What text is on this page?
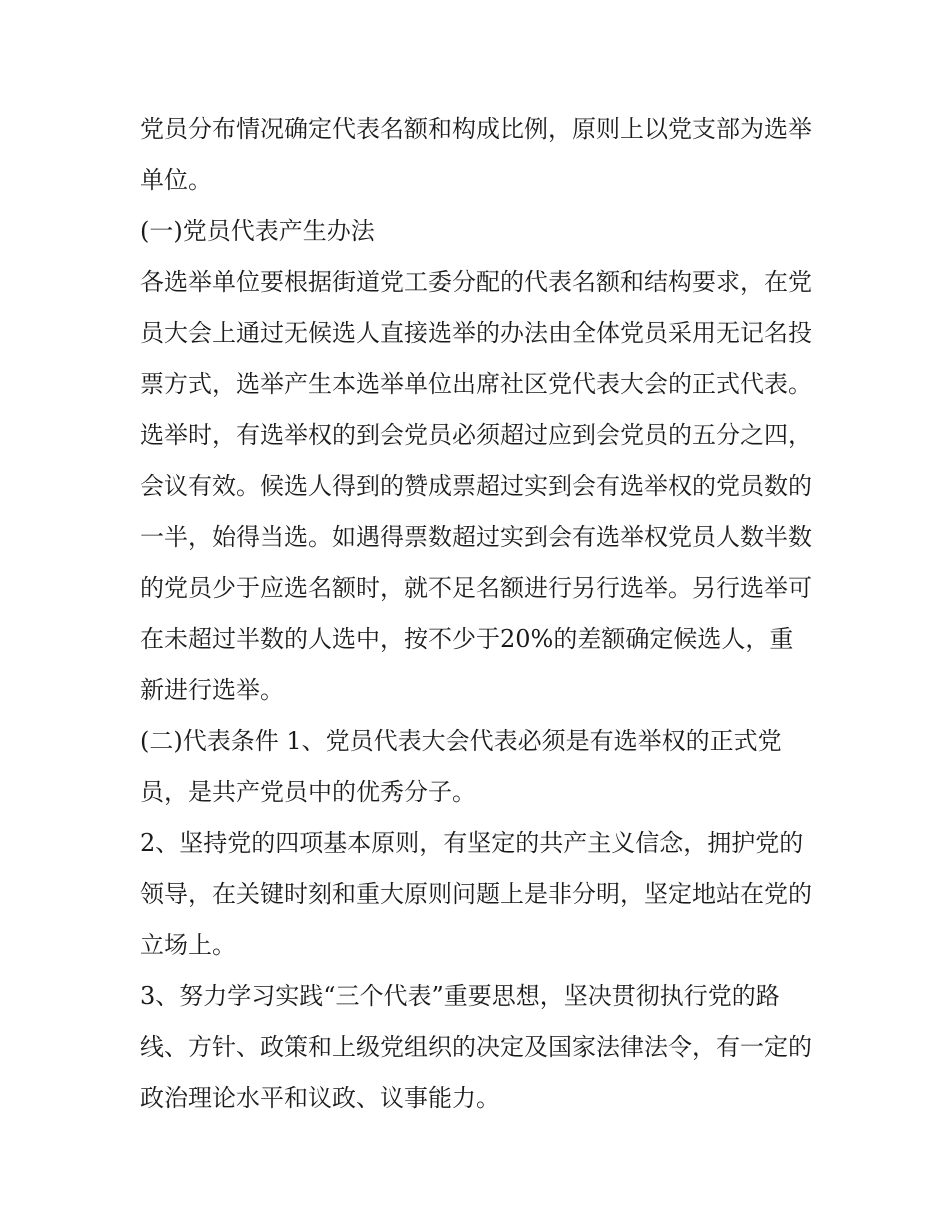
党员分布情况确定代表名额和构成比例，原则上以党支部为选举单位。

(一)党员代表产生办法

各选举单位要根据街道党工委分配的代表名额和结构要求，在党员大会上通过无候选人直接选举的办法由全体党员采用无记名投票方式，选举产生本选举单位出席社区党代表大会的正式代表。选举时，有选举权的到会党员必须超过应到会党员的五分之四，会议有效。候选人得到的赞成票超过实到会有选举权的党员数的一半，始得当选。如遇得票数超过实到会有选举权党员人数半数的党员少于应选名额时，就不足名额进行另行选举。另行选举可在未超过半数的人选中，按不少于20%的差额确定候选人，重新进行选举。

(二)代表条件 1、党员代表大会代表必须是有选举权的正式党员，是共产党员中的优秀分子。

2、坚持党的四项基本原则，有坚定的共产主义信念，拥护党的领导，在关键时刻和重大原则问题上是非分明，坚定地站在党的立场上。

3、努力学习实践“三个代表”重要思想，坚决贯彻执行党的路线、方针、政策和上级党组织的决定及国家法律法令，有一定的政治理论水平和议政、议事能力。
